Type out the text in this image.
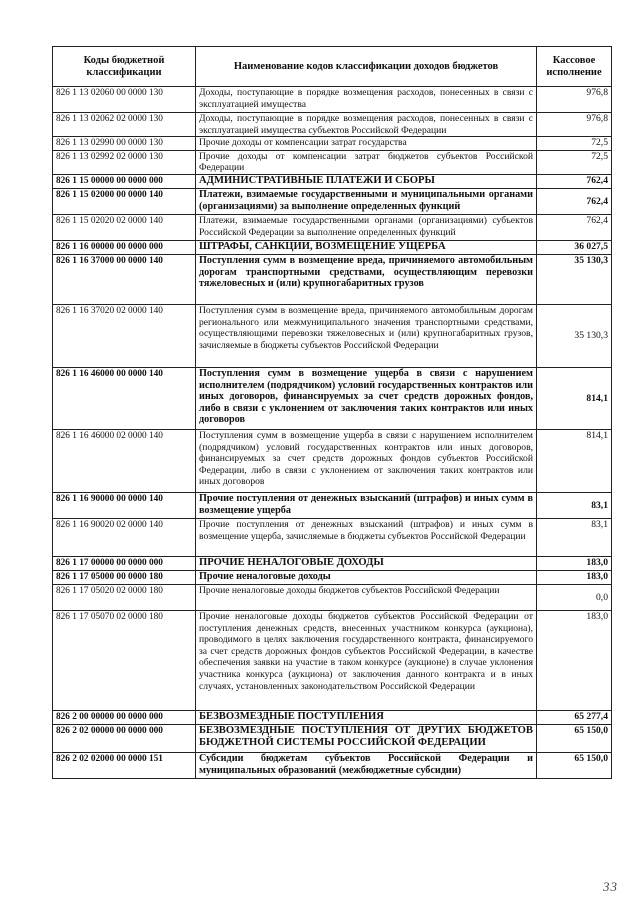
Коды бюджетной классификации	Наименование кодов классификации доходов бюджетов	Кассовое исполнение
826 1 13 02060 00 0000 130	Доходы, поступающие в порядке возмещения расходов, понесенных в связи с эксплуатацией имущества	976,8
826 1 13 02062 02 0000 130	Доходы, поступающие в порядке возмещения расходов, понесенных в связи с эксплуатацией имущества субъектов Российской Федерации	976,8
826 1 13 02990 00 0000 130	Прочие доходы от компенсации затрат государства	72,5
826 1 13 02992 02 0000 130	Прочие доходы от компенсации затрат бюджетов субъектов Российской Федерации	72,5
826 1 15 00000 00 0000 000	АДМИНИСТРАТИВНЫЕ ПЛАТЕЖИ И СБОРЫ	762,4
826 1 15 02000 00 0000 140	Платежи, взимаемые государственными и муниципальными органами (организациями) за выполнение определенных функций	762,4
826 1 15 02020 02 0000 140	Платежи, взимаемые государственными органами (организациями) субъектов Российской Федерации за выполнение определенных функций	762,4
826 1 16 00000 00 0000 000	ШТРАФЫ, САНКЦИИ, ВОЗМЕЩЕНИЕ УЩЕРБА	36 027,5
826 1 16 37000 00 0000 140	Поступления сумм в возмещение вреда, причиняемого автомобильным дорогам транспортными средствами, осуществляющим перевозки тяжеловесных и (или) крупногабаритных грузов	35 130,3
826 1 16 37020 02 0000 140	Поступления сумм в возмещение вреда, причиняемого автомобильным дорогам регионального или межмуниципального значения транспортными средствами, осуществляющими перевозки тяжеловесных и (или) крупногабаритных грузов, зачисляемые в бюджеты субъектов Российской Федерации	35 130,3
826 1 16 46000 00 0000 140	Поступления сумм в возмещение ущерба в связи с нарушением исполнителем (подрядчиком) условий государственных контрактов или иных договоров, финансируемых за счет средств дорожных фондов, либо в связи с уклонением от заключения таких контрактов или иных договоров	814,1
826 1 16 46000 02 0000 140	Поступления сумм в возмещение ущерба в связи с нарушением исполнителем (подрядчиком) условий государственных контрактов или иных договоров, финансируемых за счет средств дорожных фондов субъектов Российской Федерации, либо в связи с уклонением от заключения таких контрактов или иных договоров	814,1
826 1 16 90000 00 0000 140	Прочие поступления от денежных взысканий (штрафов) и иных сумм в возмещение ущерба	83,1
826 1 16 90020 02 0000 140	Прочие поступления от денежных взысканий (штрафов) и иных сумм в возмещение ущерба, зачисляемые в бюджеты субъектов Российской Федерации	83,1
826 1 17 00000 00 0000 000	ПРОЧИЕ НЕНАЛОГОВЫЕ ДОХОДЫ	183,0
826 1 17 05000 00 0000 180	Прочие неналоговые доходы	183,0
826 1 17 05020 02 0000 180	Прочие неналоговые доходы бюджетов субъектов Российской Федерации	0,0
826 1 17 05070 02 0000 180	Прочие неналоговые доходы бюджетов субъектов Российской Федерации от поступления денежных средств, внесенных участником конкурса (аукциона), проводимого в целях заключения государственного контракта, финансируемого за счет средств дорожных фондов субъектов Российской Федерации, в качестве обеспечения заявки на участие в таком конкурсе (аукционе) в случае уклонения участника конкурса (аукциона) от заключения данного контракта и в иных случаях, установленных законодательством Российской Федерации	183,0
826 2 00 00000 00 0000 000	БЕЗВОЗМЕЗДНЫЕ ПОСТУПЛЕНИЯ	65 277,4
826 2 02 00000 00 0000 000	БЕЗВОЗМЕЗДНЫЕ ПОСТУПЛЕНИЯ ОТ ДРУГИХ БЮДЖЕТОВ БЮДЖЕТНОЙ СИСТЕМЫ РОССИЙСКОЙ ФЕДЕРАЦИИ	65 150,0
826 2 02 02000 00 0000 151	Субсидии бюджетам субъектов Российской Федерации и муниципальных образований (межбюджетные субсидии)	65 150,0
33
